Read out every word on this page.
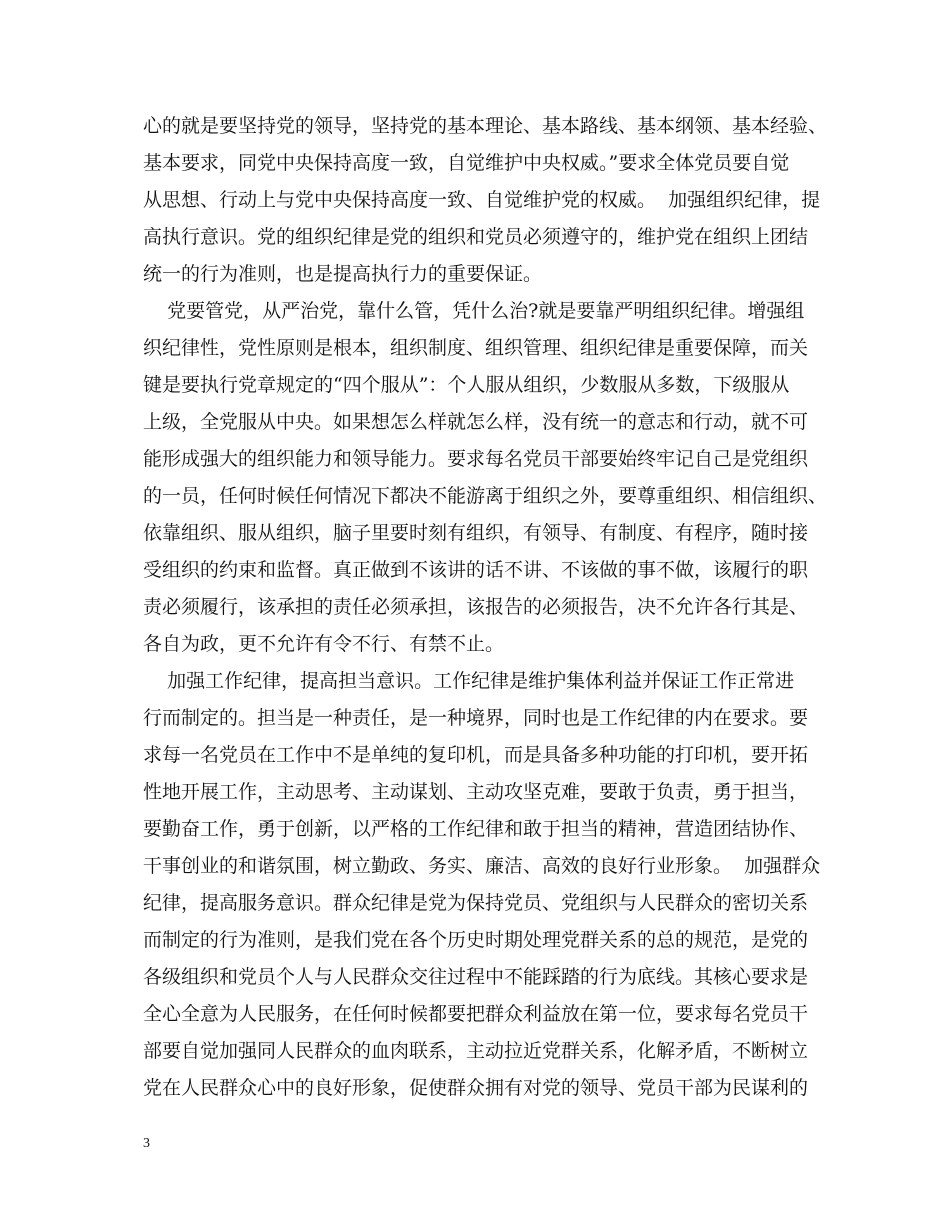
心的就是要坚持党的领导，坚持党的基本理论、基本路线、基本纲领、基本经验、
基本要求，同党中央保持高度一致，自觉维护中央权威。”要求全体党员要自觉
从思想、行动上与党中央保持高度一致、自觉维护党的权威。  加强组织纪律，提
高执行意识。党的组织纪律是党的组织和党员必须遵守的，维护党在组织上团结
统一的行为准则，也是提高执行力的重要保证。
党要管党，从严治党，靠什么管，凭什么治?就是要靠严明组织纪律。增强组
织纪律性，党性原则是根本，组织制度、组织管理、组织纪律是重要保障，而关
键是要执行党章规定的“四个服从”：个人服从组织，少数服从多数，下级服从
上级，全党服从中央。如果想怎么样就怎么样，没有统一的意志和行动，就不可
能形成强大的组织能力和领导能力。要求每名党员干部要始终牢记自己是党组织
的一员，任何时候任何情况下都决不能游离于组织之外，要尊重组织、相信组织、
依靠组织、服从组织，脑子里要时刻有组织，有领导、有制度、有程序，随时接
受组织的约束和监督。真正做到不该讲的话不讲、不该做的事不做，该履行的职
责必须履行，该承担的责任必须承担，该报告的必须报告，决不允许各行其是、
各自为政，更不允许有令不行、有禁不止。
加强工作纪律，提高担当意识。工作纪律是维护集体利益并保证工作正常进
行而制定的。担当是一种责任，是一种境界，同时也是工作纪律的内在要求。要
求每一名党员在工作中不是单纯的复印机，而是具备多种功能的打印机，要开拓
性地开展工作，主动思考、主动谋划、主动攻坚克难，要敢于负责，勇于担当，
要勤奋工作，勇于创新，以严格的工作纪律和敢于担当的精神，营造团结协作、
干事创业的和谐氛围，树立勤政、务实、廉洁、高效的良好行业形象。  加强群众
纪律，提高服务意识。群众纪律是党为保持党员、党组织与人民群众的密切关系
而制定的行为准则，是我们党在各个历史时期处理党群关系的总的规范，是党的
各级组织和党员个人与人民群众交往过程中不能踩踏的行为底线。其核心要求是
全心全意为人民服务，在任何时候都要把群众利益放在第一位，要求每名党员干
部要自觉加强同人民群众的血肉联系，主动拉近党群关系，化解矛盾，不断树立
党在人民群众心中的良好形象，促使群众拥有对党的领导、党员干部为民谋利的
3
